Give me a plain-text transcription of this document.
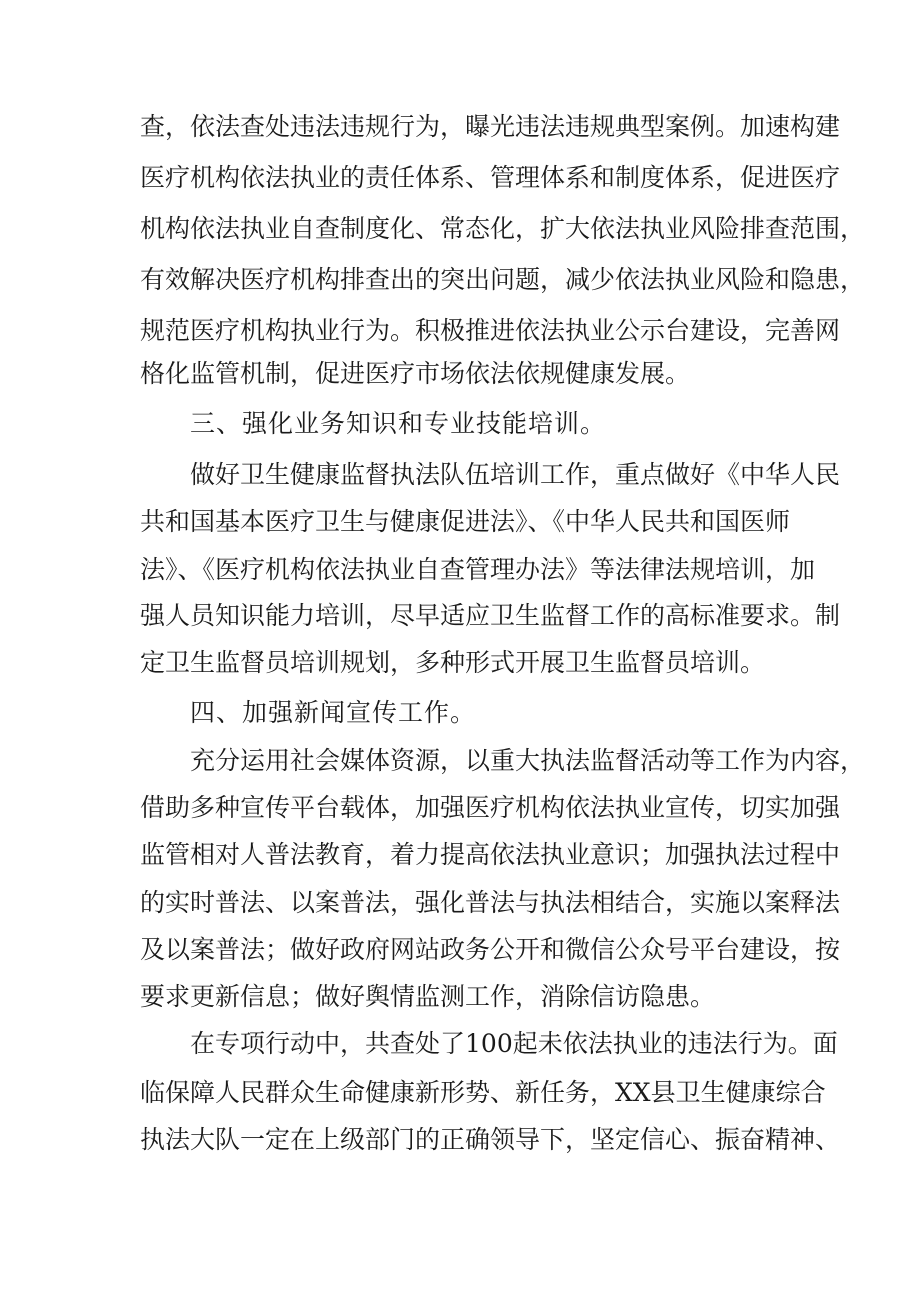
查，依法查处违法违规行为，曝光违法违规典型案例。加速构建
医疗机构依法执业的责任体系、管理体系和制度体系，促进医疗
机构依法执业自查制度化、常态化，扩大依法执业风险排查范围，
有效解决医疗机构排查出的突出问题，减少依法执业风险和隐患，
规范医疗机构执业行为。积极推进依法执业公示台建设，完善网
格化监管机制，促进医疗市场依法依规健康发展。
三、强化业务知识和专业技能培训。
做好卫生健康监督执法队伍培训工作，重点做好《中华人民
共和国基本医疗卫生与健康促进法》、《中华人民共和国医师
法》、《医疗机构依法执业自查管理办法》等法律法规培训，加
强人员知识能力培训，尽早适应卫生监督工作的高标准要求。制
定卫生监督员培训规划，多种形式开展卫生监督员培训。
四、加强新闻宣传工作。
充分运用社会媒体资源，以重大执法监督活动等工作为内容，
借助多种宣传平台载体，加强医疗机构依法执业宣传，切实加强
监管相对人普法教育，着力提高依法执业意识；加强执法过程中
的实时普法、以案普法，强化普法与执法相结合，实施以案释法
及以案普法；做好政府网站政务公开和微信公众号平台建设，按
要求更新信息；做好舆情监测工作，消除信访隐患。
在专项行动中，共查处了100起未依法执业的违法行为。面
临保障人民群众生命健康新形势、新任务，XX县卫生健康综合
执法大队一定在上级部门的正确领导下，坚定信心、振奋精神、
